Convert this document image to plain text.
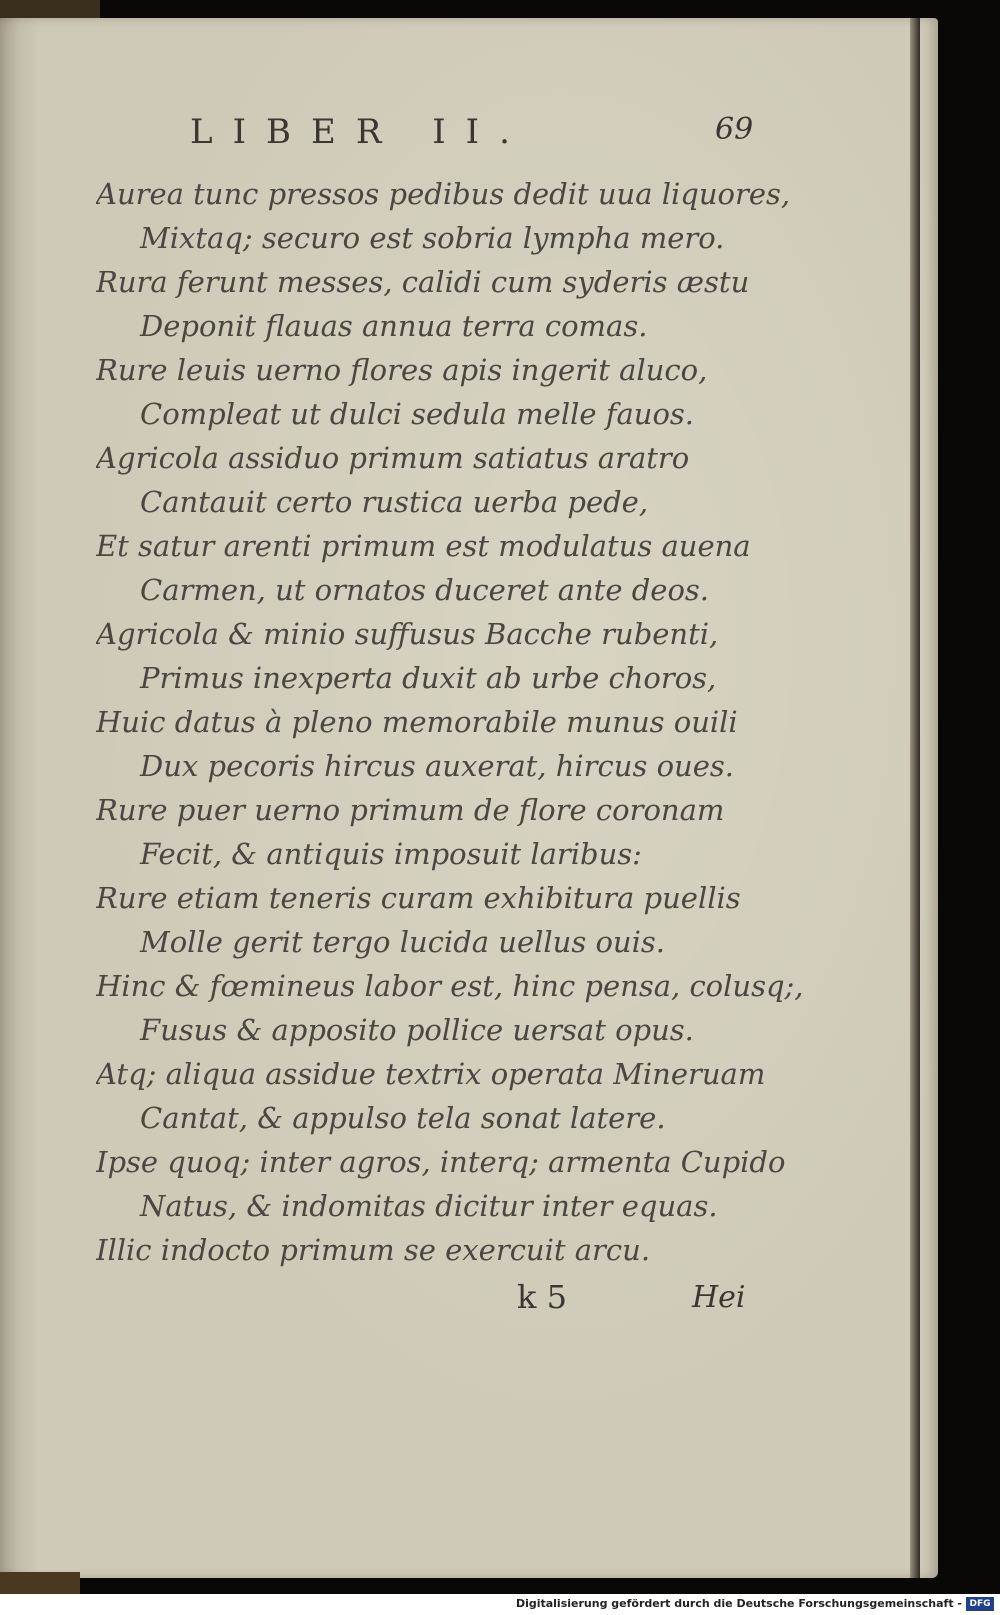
LIBER II.	69
Aurea tunc pressos pedibus dedit uua liquores,
Mixtaq; securo est sobria lympha mero.
Rura ferunt messes, calidi cum syderis æstu
Deponit flauas annua terra comas.
Rure leuis uerno flores apis ingerit aluco,
Compleat ut dulci sedula melle fauos.
Agricola assiduo primum satiatus aratro
Cantauit certo rustica uerba pede,
Et satur arenti primum est modulatus auena
Carmen, ut ornatos duceret ante deos.
Agricola & minio suffusus Bacche rubenti,
Primus inexperta duxit ab urbe choros,
Huic datus à pleno memorabile munus ouili
Dux pecoris hircus auxerat, hircus oues.
Rure puer uerno primum de flore coronam
Fecit, & antiquis imposuit laribus:
Rure etiam teneris curam exhibitura puellis
Molle gerit tergo lucida uellus ouis.
Hinc & fœmineus labor est, hinc pensa, colusq;,
Fusus & apposito pollice uersat opus.
Atq; aliqua assidue textrix operata Mineruam
Cantat, & appulso tela sonat latere.
Ipse quoq; inter agros, interq; armenta Cupido
Natus, & indomitas dicitur inter equas.
Illic indocto primum se exercuit arcu.
k 5	Hei
Digitalisierung gefördert durch die Deutsche Forschungsgemeinschaft - DFG
